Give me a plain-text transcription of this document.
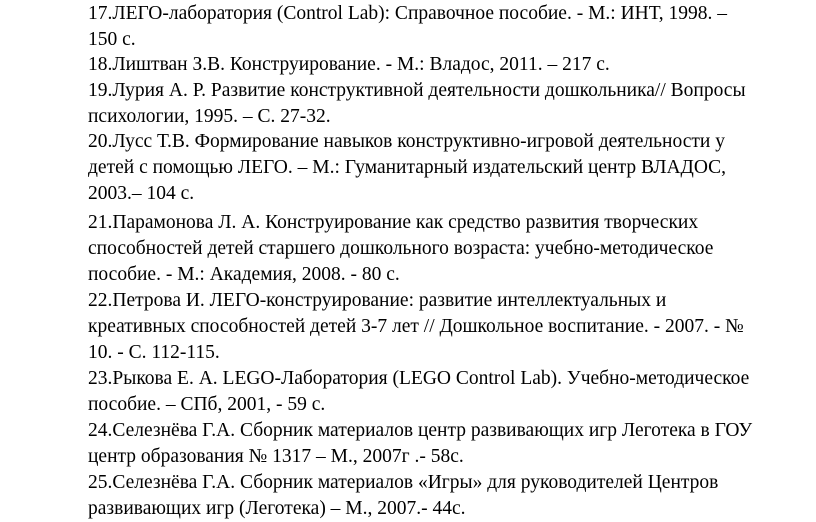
17.ЛЕГО-лаборатория (Control Lab): Справочное пособие. - М.: ИНТ, 1998. –
150 с.
18.Лиштван З.В. Конструирование. - М.: Владос, 2011. – 217 с.
19.Лурия А. Р. Развитие конструктивной деятельности дошкольника// Вопросы
психологии, 1995. – С. 27-32.
20.Лусс Т.В. Формирование навыков конструктивно-игровой деятельности у
детей с помощью ЛЕГО. – М.: Гуманитарный издательский центр ВЛАДОС,
2003.– 104 с.
21.Парамонова Л. А. Конструирование как средство развития творческих
способностей детей старшего дошкольного возраста: учебно-методическое
пособие. - М.: Академия, 2008. - 80 с.
22.Петрова И. ЛЕГО-конструирование: развитие интеллектуальных и
креативных способностей детей 3-7 лет // Дошкольное воспитание. - 2007. - №
10. - С. 112-115.
23.Рыкова Е. А. LEGO-Лаборатория (LEGO Control Lab). Учебно-методическое
пособие. – СПб, 2001, - 59 с.
24.Селезнёва Г.А. Сборник материалов центр развивающих игр Леготека в ГОУ
центр образования № 1317 – М., 2007г .- 58с.
25.Селезнёва Г.А. Сборник материалов «Игры» для руководителей Центров
развивающих игр (Леготека) – М., 2007.- 44с.
